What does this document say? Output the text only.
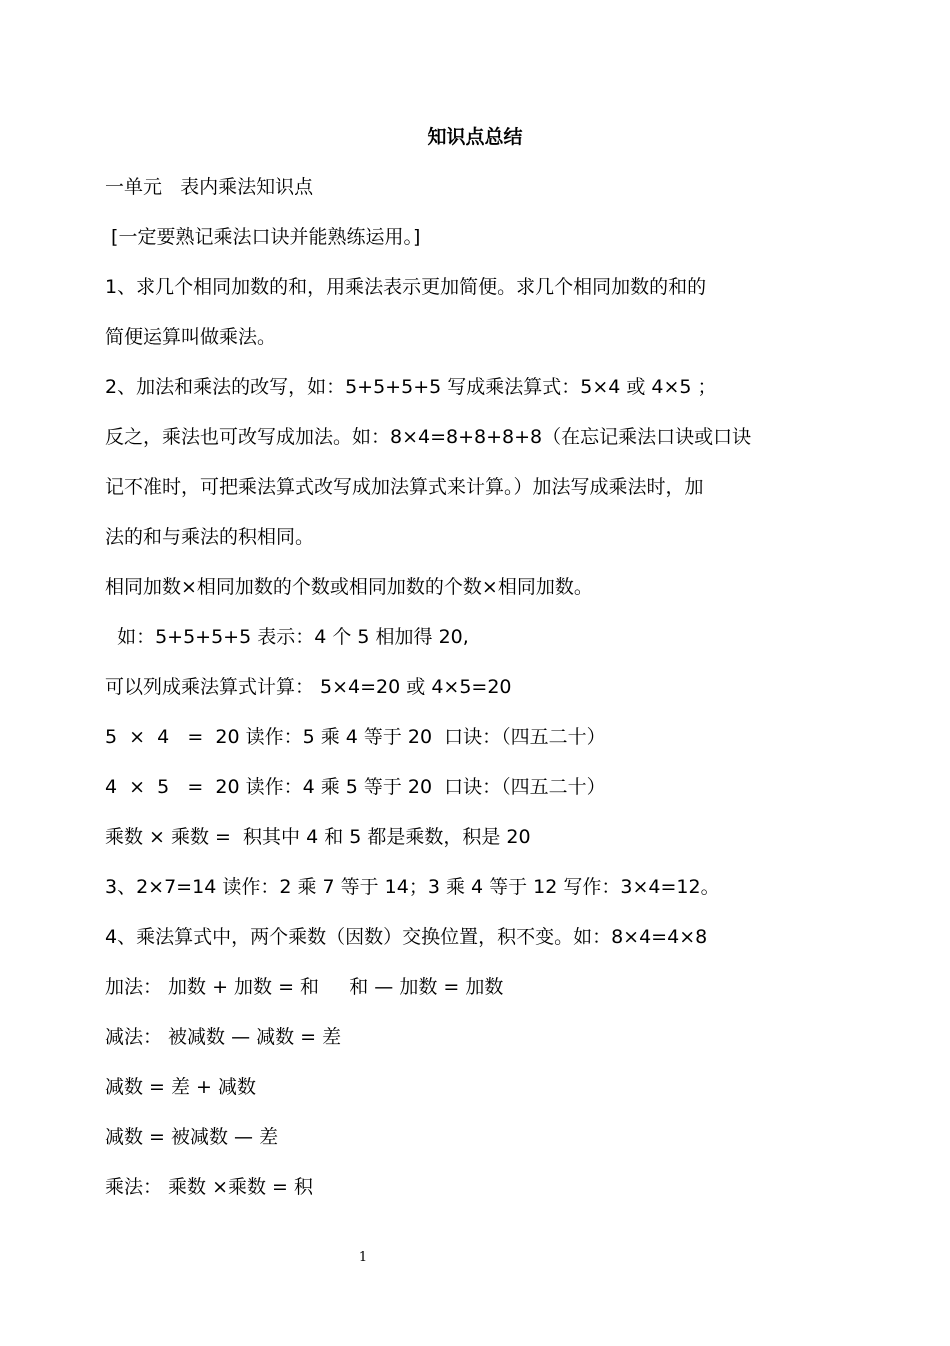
知识点总结
一单元   表内乘法知识点
[一定要熟记乘法口诀并能熟练运用。]
1、求几个相同加数的和，用乘法表示更加简便。求几个相同加数的和的
简便运算叫做乘法。
2、加法和乘法的改写，如：5+5+5+5 写成乘法算式：5×4 或 4×5 ；
反之，乘法也可改写成加法。如：8×4=8+8+8+8（在忘记乘法口诀或口诀
记不准时，可把乘法算式改写成加法算式来计算。）加法写成乘法时，加
法的和与乘法的积相同。
相同加数×相同加数的个数或相同加数的个数×相同加数。
如：5+5+5+5 表示：4 个 5 相加得 20,
可以列成乘法算式计算： 5×4=20 或 4×5=20
5  ×  4   =  20 读作：5 乘 4 等于 20  口诀：（四五二十）
4  ×  5   =  20 读作：4 乘 5 等于 20  口诀：（四五二十）
乘数 × 乘数 =  积其中 4 和 5 都是乘数，积是 20
3、2×7=14 读作：2 乘 7 等于 14；3 乘 4 等于 12 写作：3×4=12。
4、乘法算式中，两个乘数（因数）交换位置，积不变。如：8×4=4×8
加法： 加数 + 加数 = 和     和 — 加数 = 加数
减法： 被减数 — 减数 = 差
减数 = 差 + 减数
减数 = 被减数 — 差
乘法： 乘数 ×乘数 = 积
1
